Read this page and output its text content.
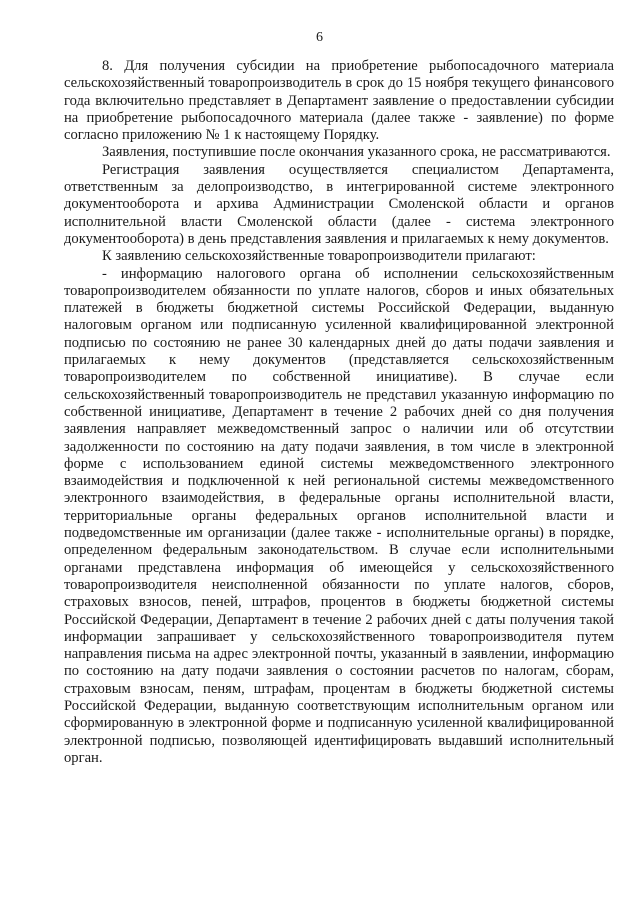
6

8. Для получения субсидии на приобретение рыбопосадочного материала сельскохозяйственный товаропроизводитель в срок до 15 ноября текущего финансового года включительно представляет в Департамент заявление о предоставлении субсидии на приобретение рыбопосадочного материала (далее также - заявление) по форме согласно приложению № 1 к настоящему Порядку.

Заявления, поступившие после окончания указанного срока, не рассматриваются.

Регистрация заявления осуществляется специалистом Департамента, ответственным за делопроизводство, в интегрированной системе электронного документооборота и архива Администрации Смоленской области и органов исполнительной власти Смоленской области (далее - система электронного документооборота) в день представления заявления и прилагаемых к нему документов.

К заявлению сельскохозяйственные товаропроизводители прилагают:

- информацию налогового органа об исполнении сельскохозяйственным товаропроизводителем обязанности по уплате налогов, сборов и иных обязательных платежей в бюджеты бюджетной системы Российской Федерации, выданную налоговым органом или подписанную усиленной квалифицированной электронной подписью по состоянию не ранее 30 календарных дней до даты подачи заявления и прилагаемых к нему документов (представляется сельскохозяйственным товаропроизводителем по собственной инициативе). В случае если сельскохозяйственный товаропроизводитель не представил указанную информацию по собственной инициативе, Департамент в течение 2 рабочих дней со дня получения заявления направляет межведомственный запрос о наличии или об отсутствии задолженности по состоянию на дату подачи заявления, в том числе в электронной форме с использованием единой системы межведомственного электронного взаимодействия и подключенной к ней региональной системы межведомственного электронного взаимодействия, в федеральные органы исполнительной власти, территориальные органы федеральных органов исполнительной власти и подведомственные им организации (далее также - исполнительные органы) в порядке, определенном федеральным законодательством. В случае если исполнительными органами представлена информация об имеющейся у сельскохозяйственного товаропроизводителя неисполненной обязанности по уплате налогов, сборов, страховых взносов, пеней, штрафов, процентов в бюджеты бюджетной системы Российской Федерации, Департамент в течение 2 рабочих дней с даты получения такой информации запрашивает у сельскохозяйственного товаропроизводителя путем направления письма на адрес электронной почты, указанный в заявлении, информацию по состоянию на дату подачи заявления о состоянии расчетов по налогам, сборам, страховым взносам, пеням, штрафам, процентам в бюджеты бюджетной системы Российской Федерации, выданную соответствующим исполнительным органом или сформированную в электронной форме и подписанную усиленной квалифицированной электронной подписью, позволяющей идентифицировать выдавший исполнительный орган.
